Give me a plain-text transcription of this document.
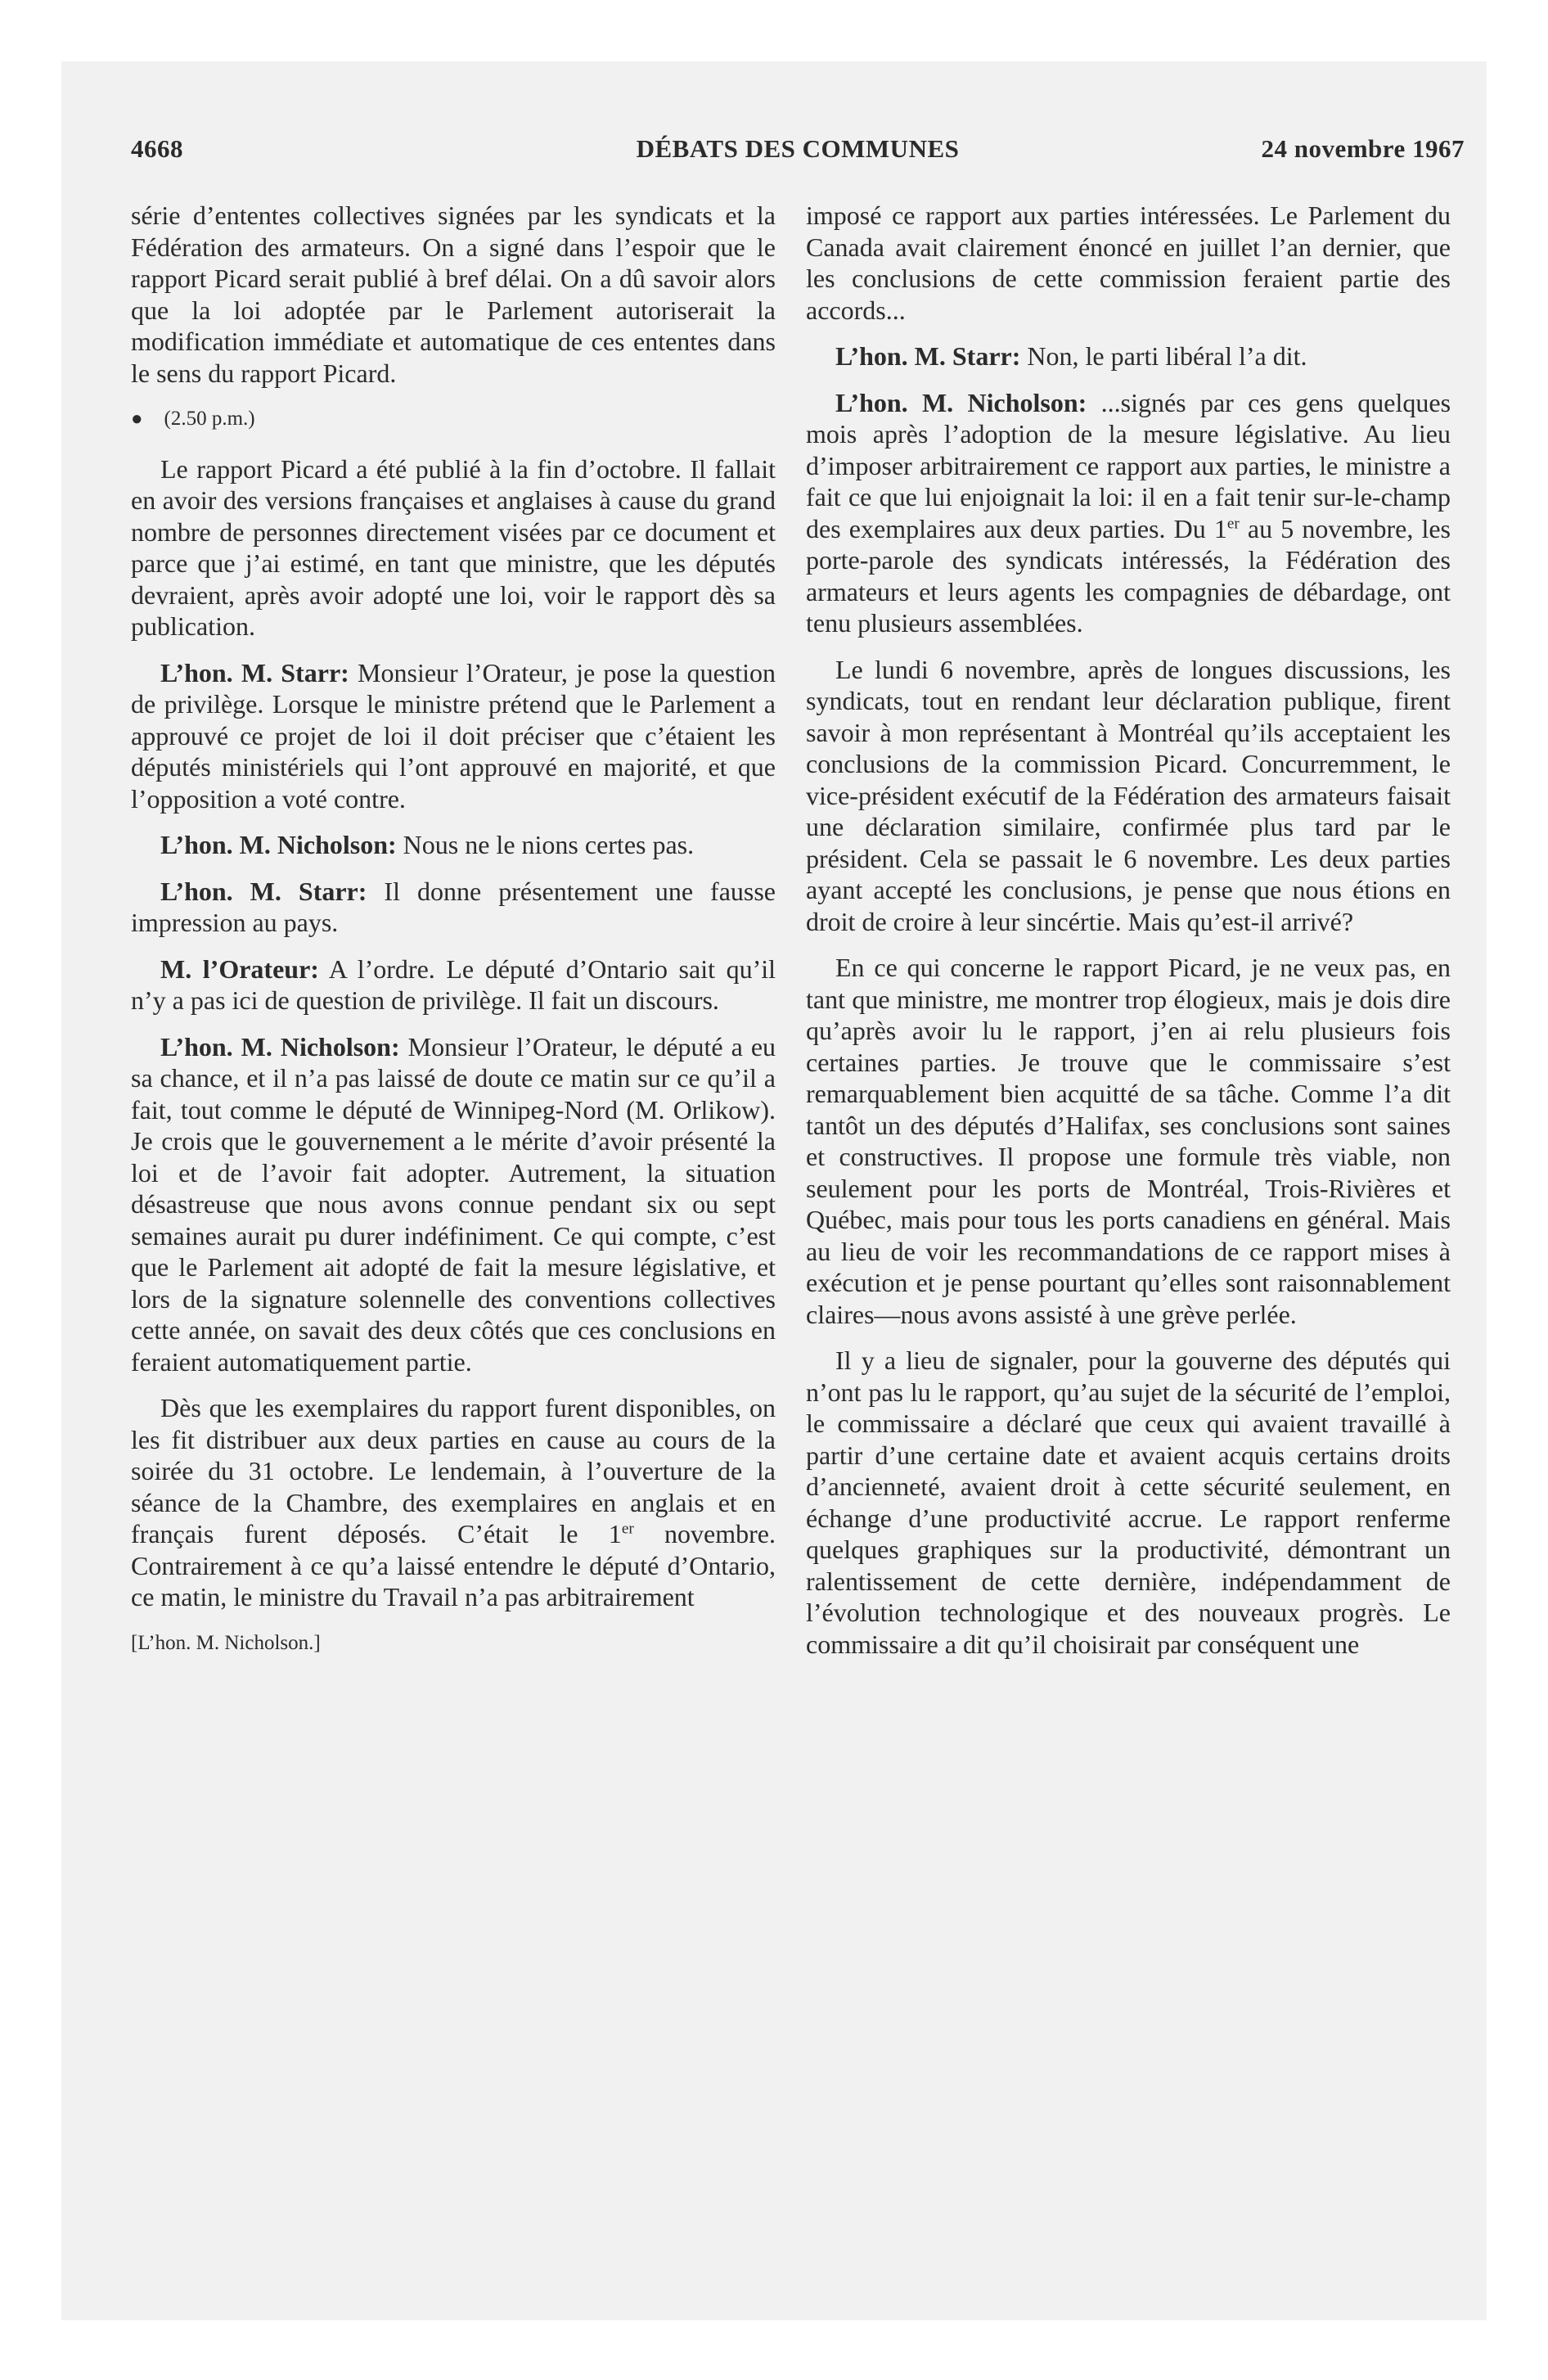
4668	DÉBATS DES COMMUNES	24 novembre 1967

série d’ententes collectives signées par les syndicats et la Fédération des armateurs. On a signé dans l’espoir que le rapport Picard serait publié à bref délai. On a dû savoir alors que la loi adoptée par le Parlement autoriserait la modification immédiate et automatique de ces ententes dans le sens du rapport Picard.

● (2.50 p.m.)

Le rapport Picard a été publié à la fin d’octobre. Il fallait en avoir des versions françaises et anglaises à cause du grand nombre de personnes directement visées par ce document et parce que j’ai estimé, en tant que ministre, que les députés devraient, après avoir adopté une loi, voir le rapport dès sa publication.

L’hon. M. Starr: Monsieur l’Orateur, je pose la question de privilège. Lorsque le ministre prétend que le Parlement a approuvé ce projet de loi il doit préciser que c’étaient les députés ministériels qui l’ont approuvé en majorité, et que l’opposition a voté contre.

L’hon. M. Nicholson: Nous ne le nions certes pas.

L’hon. M. Starr: Il donne présentement une fausse impression au pays.

M. l’Orateur: A l’ordre. Le député d’Ontario sait qu’il n’y a pas ici de question de privilège. Il fait un discours.

L’hon. M. Nicholson: Monsieur l’Orateur, le député a eu sa chance, et il n’a pas laissé de doute ce matin sur ce qu’il a fait, tout comme le député de Winnipeg-Nord (M. Orlikow). Je crois que le gouvernement a le mérite d’avoir présenté la loi et de l’avoir fait adopter. Autrement, la situation désastreuse que nous avons connue pendant six ou sept semaines aurait pu durer indéfiniment. Ce qui compte, c’est que le Parlement ait adopté de fait la mesure législative, et lors de la signature solennelle des conventions collectives cette année, on savait des deux côtés que ces conclusions en feraient automatiquement partie.

Dès que les exemplaires du rapport furent disponibles, on les fit distribuer aux deux parties en cause au cours de la soirée du 31 octobre. Le lendemain, à l’ouverture de la séance de la Chambre, des exemplaires en anglais et en français furent déposés. C’était le 1er novembre. Contrairement à ce qu’a laissé entendre le député d’Ontario, ce matin, le ministre du Travail n’a pas arbitrairement

[L’hon. M. Nicholson.]

imposé ce rapport aux parties intéressées. Le Parlement du Canada avait clairement énoncé en juillet l’an dernier, que les conclusions de cette commission feraient partie des accords...

L’hon. M. Starr: Non, le parti libéral l’a dit.

L’hon. M. Nicholson: ...signés par ces gens quelques mois après l’adoption de la mesure législative. Au lieu d’imposer arbitrairement ce rapport aux parties, le ministre a fait ce que lui enjoignait la loi: il en a fait tenir sur-le-champ des exemplaires aux deux parties. Du 1er au 5 novembre, les porte-parole des syndicats intéressés, la Fédération des armateurs et leurs agents les compagnies de débardage, ont tenu plusieurs assemblées.

Le lundi 6 novembre, après de longues discussions, les syndicats, tout en rendant leur déclaration publique, firent savoir à mon représentant à Montréal qu’ils acceptaient les conclusions de la commission Picard. Concurremment, le vice-président exécutif de la Fédération des armateurs faisait une déclaration similaire, confirmée plus tard par le président. Cela se passait le 6 novembre. Les deux parties ayant accepté les conclusions, je pense que nous étions en droit de croire à leur sincértie. Mais qu’est-il arrivé?

En ce qui concerne le rapport Picard, je ne veux pas, en tant que ministre, me montrer trop élogieux, mais je dois dire qu’après avoir lu le rapport, j’en ai relu plusieurs fois certaines parties. Je trouve que le commissaire s’est remarquablement bien acquitté de sa tâche. Comme l’a dit tantôt un des députés d’Halifax, ses conclusions sont saines et constructives. Il propose une formule très viable, non seulement pour les ports de Montréal, Trois-Rivières et Québec, mais pour tous les ports canadiens en général. Mais au lieu de voir les recommandations de ce rapport mises à exécution et je pense pourtant qu’elles sont raisonnablement claires—nous avons assisté à une grève perlée.

Il y a lieu de signaler, pour la gouverne des députés qui n’ont pas lu le rapport, qu’au sujet de la sécurité de l’emploi, le commissaire a déclaré que ceux qui avaient travaillé à partir d’une certaine date et avaient acquis certains droits d’ancienneté, avaient droit à cette sécurité seulement, en échange d’une productivité accrue. Le rapport renferme quelques graphiques sur la productivité, démontrant un ralentissement de cette dernière, indépendamment de l’évolution technologique et des nouveaux progrès. Le commissaire a dit qu’il choisirait par conséquent une
